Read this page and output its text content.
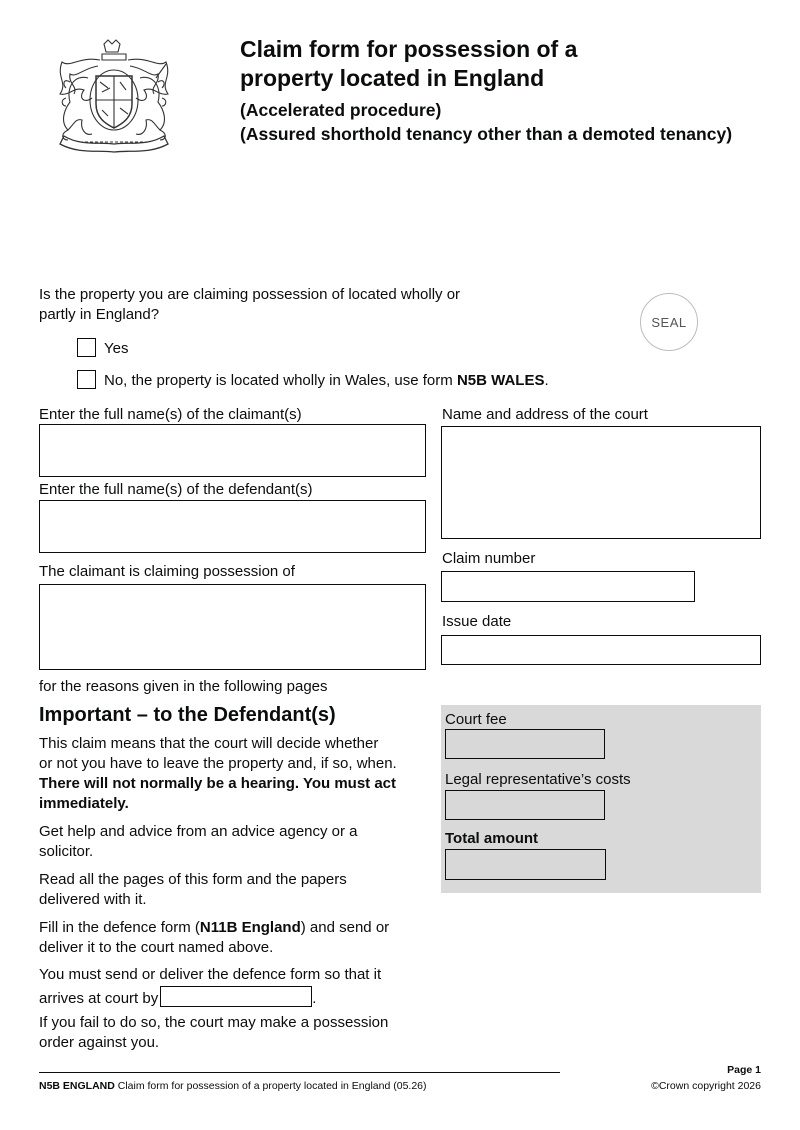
Claim form for possession of a
property located in England
(Accelerated procedure)
(Assured shorthold tenancy other than a demoted tenancy)
Is the property you are claiming possession of located wholly or
partly in England?	SEAL
Yes
No, the property is located wholly in Wales, use form N5B WALES.
Enter the full name(s) of the claimant(s)
Enter the full name(s) of the defendant(s)
The claimant is claiming possession of
for the reasons given in the following pages
Name and address of the court
Claim number
Issue date
Court fee
Legal representative’s costs
Total amount
Important – to the Defendant(s)
This claim means that the court will decide whether
or not you have to leave the property and, if so, when.
There will not normally be a hearing. You must act
immediately.
Get help and advice from an advice agency or a
solicitor.
Read all the pages of this form and the papers
delivered with it.
Fill in the defence form (N11B England) and send or
deliver it to the court named above.
You must send or deliver the defence form so that it
arrives at court by	.
If you fail to do so, the court may make a possession
order against you.
N5B ENGLAND Claim form for possession of a property located in England (05.26)
Page 1
©Crown copyright 2026
